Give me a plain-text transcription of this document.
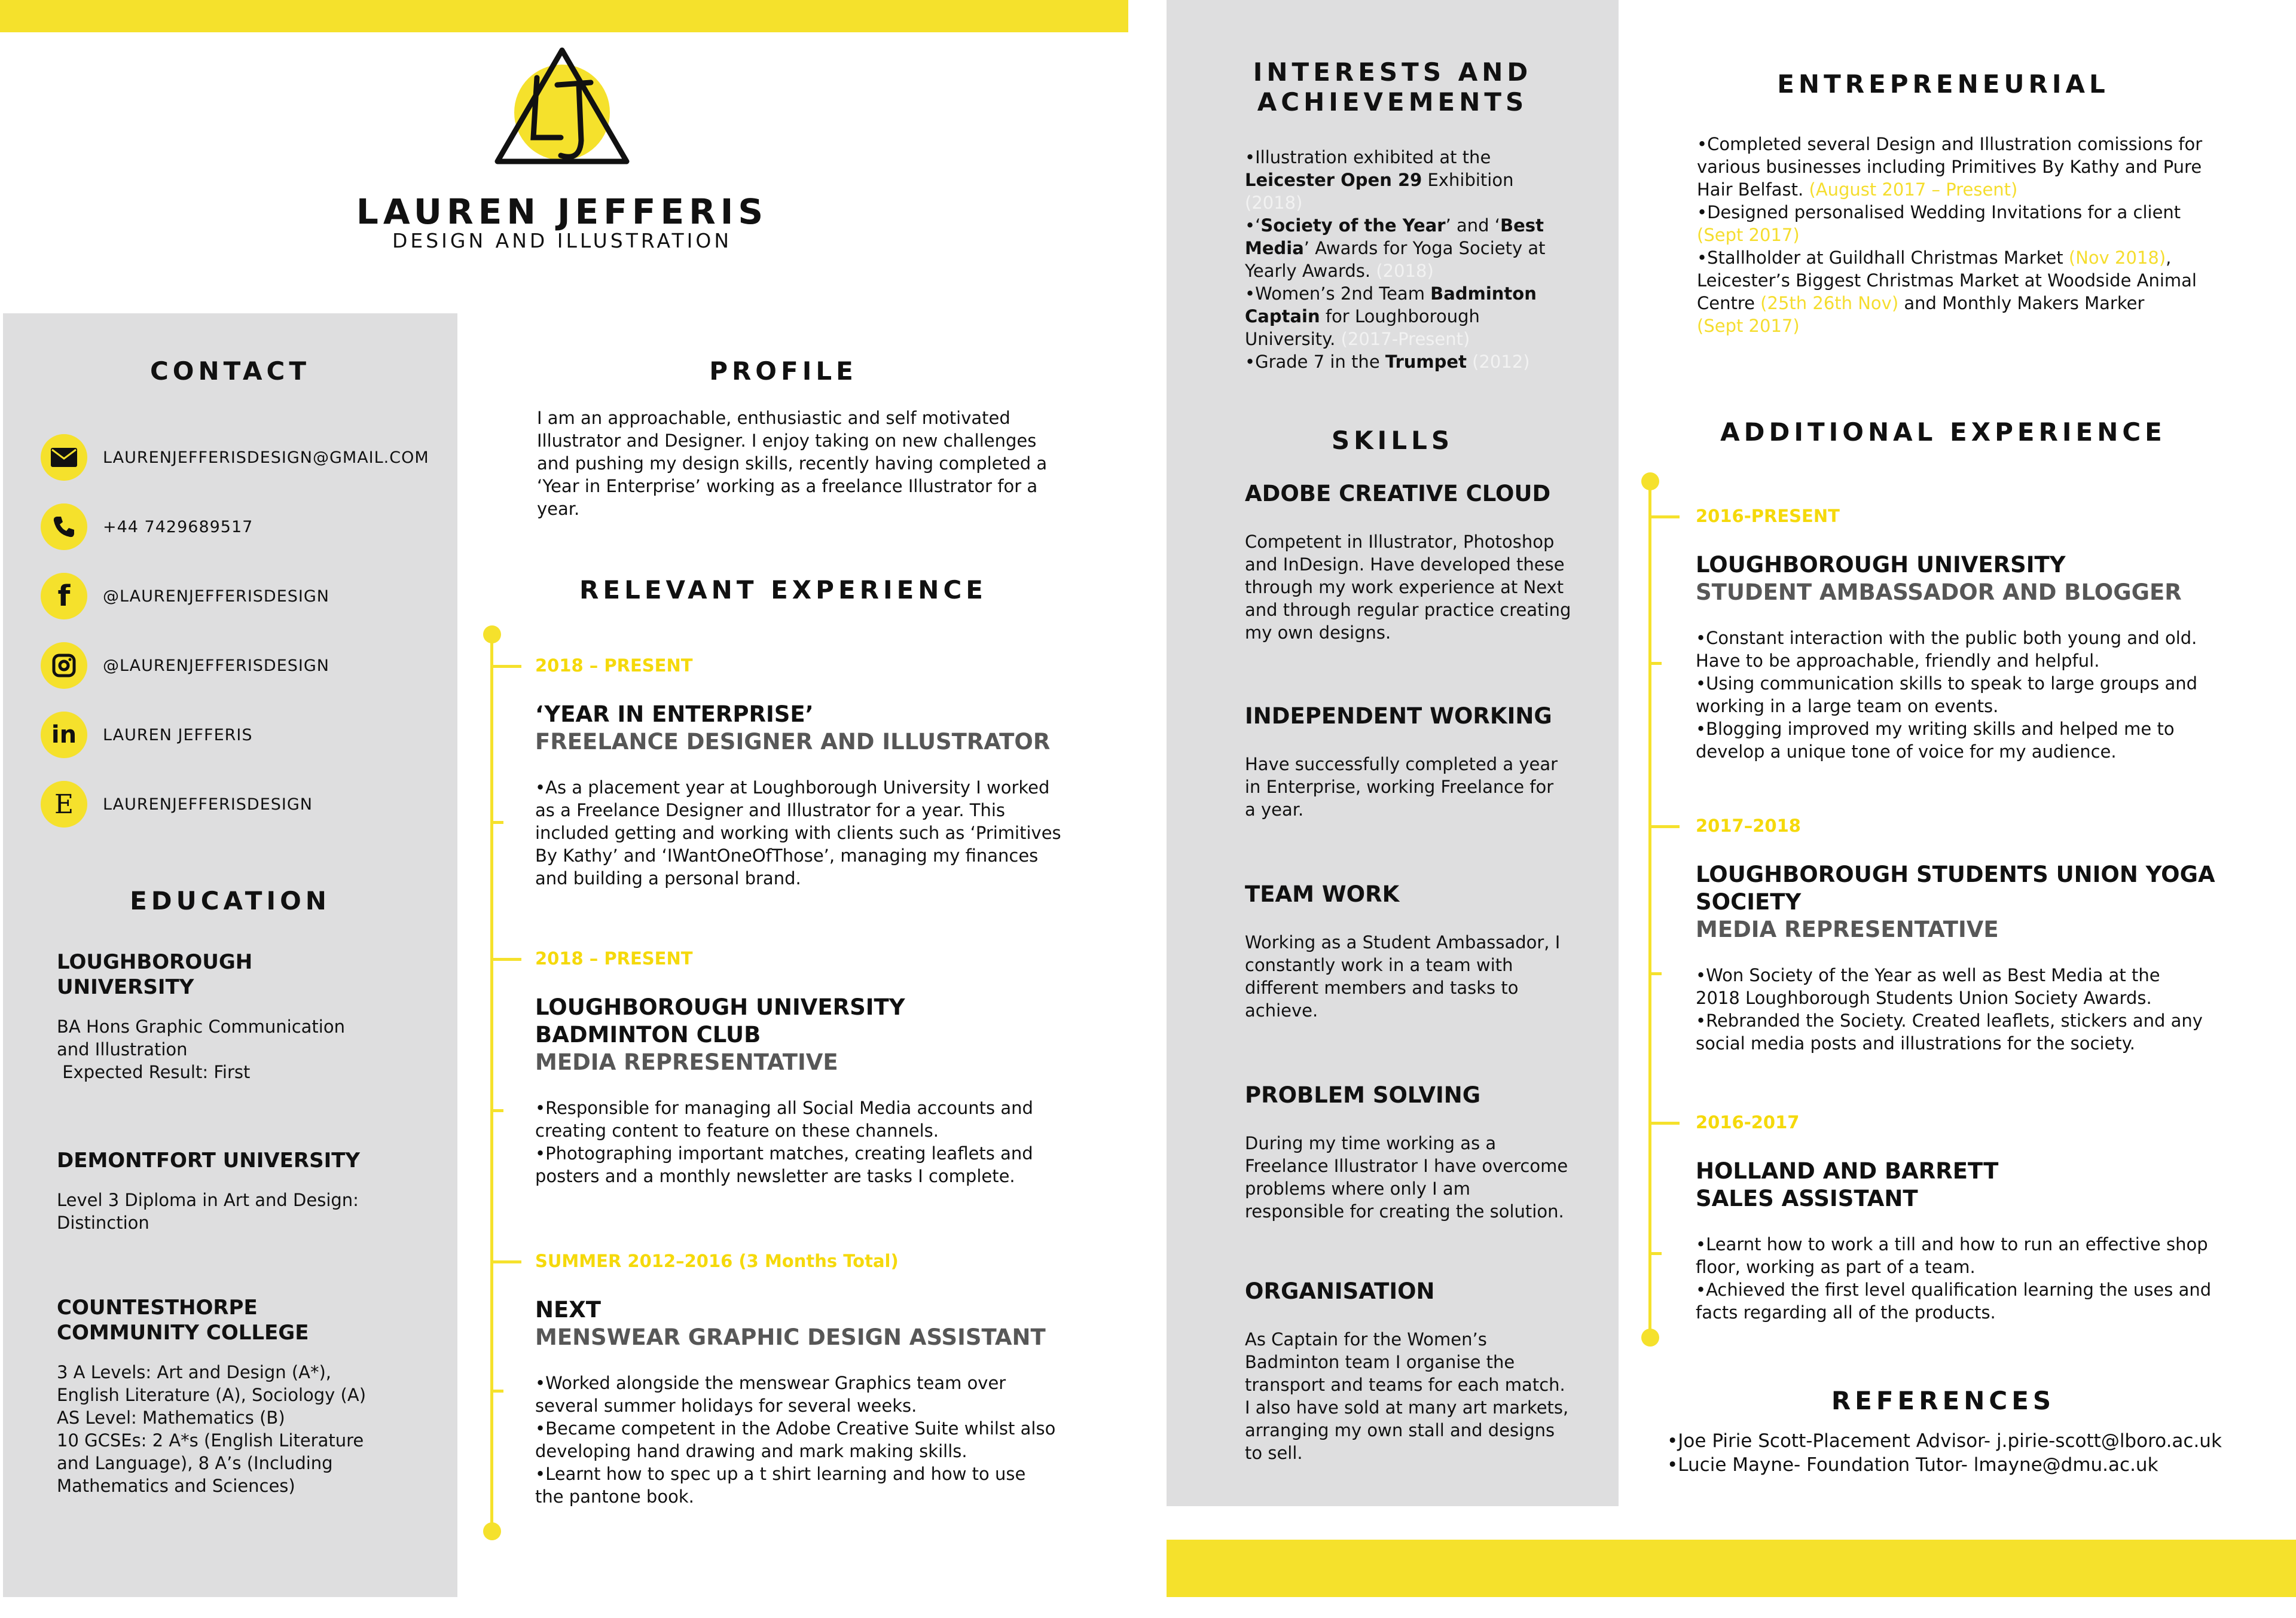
LAUREN JEFFERIS
DESIGN AND ILLUSTRATION
CONTACT
LAURENJEFFERISDESIGN@GMAIL.COM
+44 7429689517
f @LAURENJEFFERISDESIGN
@LAURENJEFFERISDESIGN
in LAUREN JEFFERIS
E LAURENJEFFERISDESIGN
EDUCATION
LOUGHBOROUGH
UNIVERSITY

BA Hons Graphic Communication

and Illustration

Expected Result: First

DEMONTFORT UNIVERSITY

Level 3 Diploma in Art and Design:

Distinction

COUNTESTHORPE
COMMUNITY COLLEGE

3 A Levels: Art and Design (A*),

English Literature (A), Sociology (A)

AS Level: Mathematics (B)

10 GCSEs: 2 A*s (English Literature

and Language), 8 A’s (Including

Mathematics and Sciences)

PROFILE

I am an approachable, enthusiastic and self motivated

Illustrator and Designer. I enjoy taking on new challenges

and pushing my design skills, recently having completed a

‘Year in Enterprise’ working as a freelance Illustrator for a

year.

RELEVANT EXPERIENCE
2018 – PRESENT
‘YEAR IN ENTERPRISE’
FREELANCE DESIGNER AND ILLUSTRATOR

•As a placement year at Loughborough University I worked

as a Freelance Designer and Illustrator for a year. This

included getting and working with clients such as ‘Primitives

By Kathy’ and ‘IWantOneOfThose’, managing my finances

and building a personal brand.

2018 – PRESENT
LOUGHBOROUGH UNIVERSITY
BADMINTON CLUB
MEDIA REPRESENTATIVE

•Responsible for managing all Social Media accounts and

creating content to feature on these channels.

•Photographing important matches, creating leaflets and

posters and a monthly newsletter are tasks I complete.

SUMMER 2012–2016 (3 Months Total)
NEXT
MENSWEAR GRAPHIC DESIGN ASSISTANT

•Worked alongside the menswear Graphics team over

several summer holidays for several weeks.

•Became competent in the Adobe Creative Suite whilst also

developing hand drawing and mark making skills.

•Learnt how to spec up a t shirt learning and how to use

the pantone book.

INTERESTS AND
ACHIEVEMENTS

•Illustration exhibited at the

Leicester Open 29 Exhibition

(2018)

•‘Society of the Year’ and ‘Best

Media’ Awards for Yoga Society at

Yearly Awards. (2018)

•Women’s 2nd Team Badminton

Captain for Loughborough

University. (2017-Present)

•Grade 7 in the Trumpet (2012)

SKILLS
ADOBE CREATIVE CLOUD

Competent in Illustrator, Photoshop

and InDesign. Have developed these

through my work experience at Next

and through regular practice creating

my own designs.

INDEPENDENT WORKING

Have successfully completed a year

in Enterprise, working Freelance for

a year.

TEAM WORK

Working as a Student Ambassador, I

constantly work in a team with

different members and tasks to

achieve.

PROBLEM SOLVING

During my time working as a

Freelance Illustrator I have overcome

problems where only I am

responsible for creating the solution.

ORGANISATION

As Captain for the Women’s

Badminton team I organise the

transport and teams for each match.

I also have sold at many art markets,

arranging my own stall and designs

to sell.

ENTREPRENEURIAL

•Completed several Design and Illustration comissions for

various businesses including Primitives By Kathy and Pure

Hair Belfast. (August 2017 – Present)

•Designed personalised Wedding Invitations for a client

(Sept 2017)

•Stallholder at Guildhall Christmas Market (Nov 2018),

Leicester’s Biggest Christmas Market at Woodside Animal

Centre (25th 26th Nov) and Monthly Makers Marker

(Sept 2017)

ADDITIONAL EXPERIENCE
2016-PRESENT
LOUGHBOROUGH UNIVERSITY
STUDENT AMBASSADOR AND BLOGGER

•Constant interaction with the public both young and old.

Have to be approachable, friendly and helpful.

•Using communication skills to speak to large groups and

working in a large team on events.

•Blogging improved my writing skills and helped me to

develop a unique tone of voice for my audience.

2017–2018
LOUGHBOROUGH STUDENTS UNION YOGA
SOCIETY
MEDIA REPRESENTATIVE

•Won Society of the Year as well as Best Media at the

2018 Loughborough Students Union Society Awards.

•Rebranded the Society. Created leaflets, stickers and any

social media posts and illustrations for the society.

2016-2017
HOLLAND AND BARRETT
SALES ASSISTANT

•Learnt how to work a till and how to run an effective shop

floor, working as part of a team.

•Achieved the first level qualification learning the uses and

facts regarding all of the products.

REFERENCES

•Joe Pirie Scott-Placement Advisor- j.pirie-scott@lboro.ac.uk

•Lucie Mayne- Foundation Tutor- lmayne@dmu.ac.uk
